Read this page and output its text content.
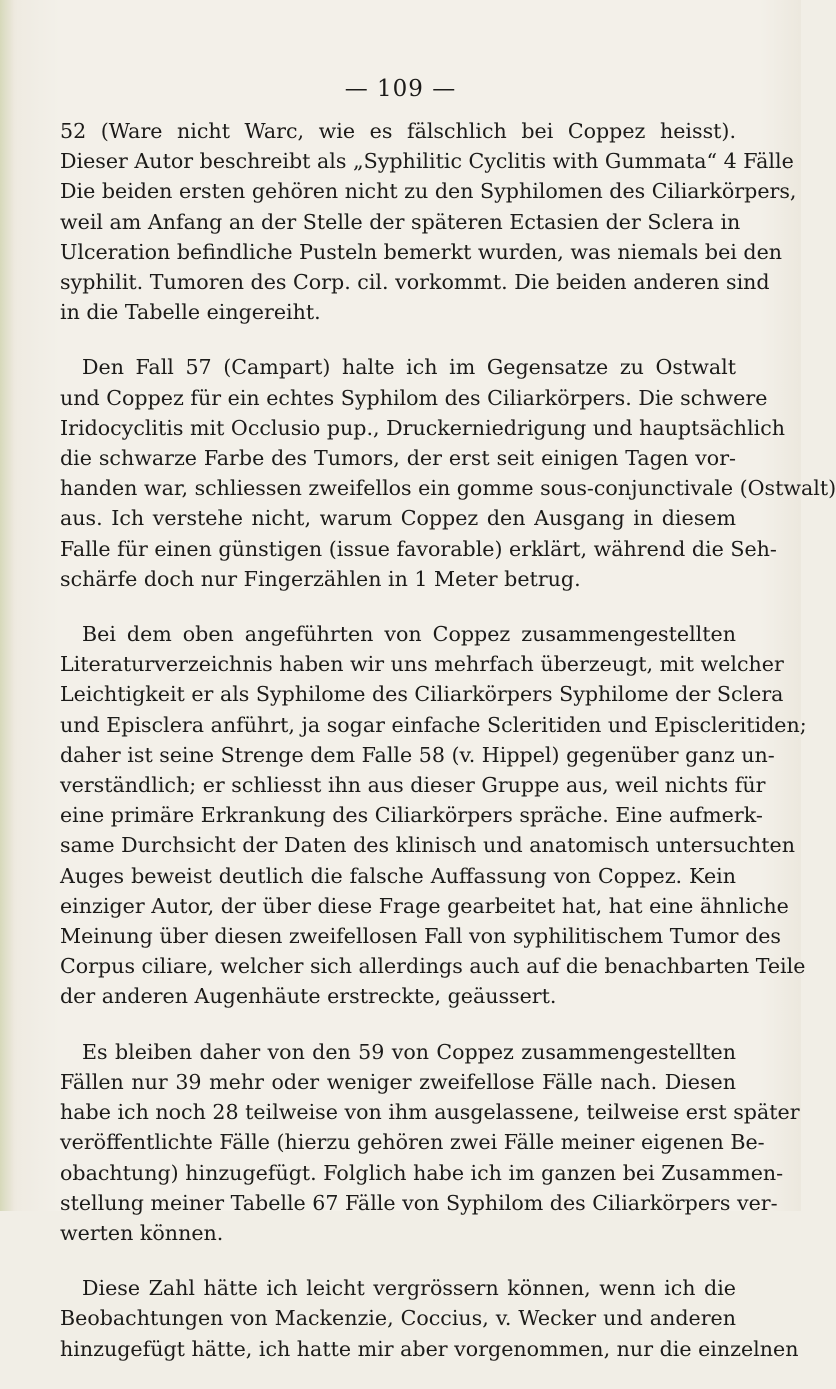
— 109 —

52 (Ware nicht Warc, wie es fälschlich bei Coppez heisst).
Dieser Autor beschreibt als „Syphilitic Cyclitis with Gummata“ 4 Fälle
Die beiden ersten gehören nicht zu den Syphilomen des Ciliarkörpers,
weil am Anfang an der Stelle der späteren Ectasien der Sclera in
Ulceration befindliche Pusteln bemerkt wurden, was niemals bei den
syphilit. Tumoren des Corp. cil. vorkommt. Die beiden anderen sind
in die Tabelle eingereiht.

Den Fall 57 (Campart) halte ich im Gegensatze zu Ostwalt
und Coppez für ein echtes Syphilom des Ciliarkörpers. Die schwere
Iridocyclitis mit Occlusio pup., Druckerniedrigung und hauptsächlich
die schwarze Farbe des Tumors, der erst seit einigen Tagen vor-
handen war, schliessen zweifellos ein gomme sous-conjunctivale (Ostwalt)
aus. Ich verstehe nicht, warum Coppez den Ausgang in diesem
Falle für einen günstigen (issue favorable) erklärt, während die Seh-
schärfe doch nur Fingerzählen in 1 Meter betrug.

Bei dem oben angeführten von Coppez zusammengestellten
Literaturverzeichnis haben wir uns mehrfach überzeugt, mit welcher
Leichtigkeit er als Syphilome des Ciliarkörpers Syphilome der Sclera
und Episclera anführt, ja sogar einfache Scleritiden und Episcleritiden;
daher ist seine Strenge dem Falle 58 (v. Hippel) gegenüber ganz un-
verständlich; er schliesst ihn aus dieser Gruppe aus, weil nichts für
eine primäre Erkrankung des Ciliarkörpers spräche. Eine aufmerk-
same Durchsicht der Daten des klinisch und anatomisch untersuchten
Auges beweist deutlich die falsche Auffassung von Coppez. Kein
einziger Autor, der über diese Frage gearbeitet hat, hat eine ähnliche
Meinung über diesen zweifellosen Fall von syphilitischem Tumor des
Corpus ciliare, welcher sich allerdings auch auf die benachbarten Teile
der anderen Augenhäute erstreckte, geäussert.

Es bleiben daher von den 59 von Coppez zusammengestellten
Fällen nur 39 mehr oder weniger zweifellose Fälle nach. Diesen
habe ich noch 28 teilweise von ihm ausgelassene, teilweise erst später
veröffentlichte Fälle (hierzu gehören zwei Fälle meiner eigenen Be-
obachtung) hinzugefügt. Folglich habe ich im ganzen bei Zusammen-
stellung meiner Tabelle 67 Fälle von Syphilom des Ciliarkörpers ver-
werten können.

Diese Zahl hätte ich leicht vergrössern können, wenn ich die
Beobachtungen von Mackenzie, Coccius, v. Wecker und anderen
hinzugefügt hätte, ich hatte mir aber vorgenommen, nur die einzelnen
